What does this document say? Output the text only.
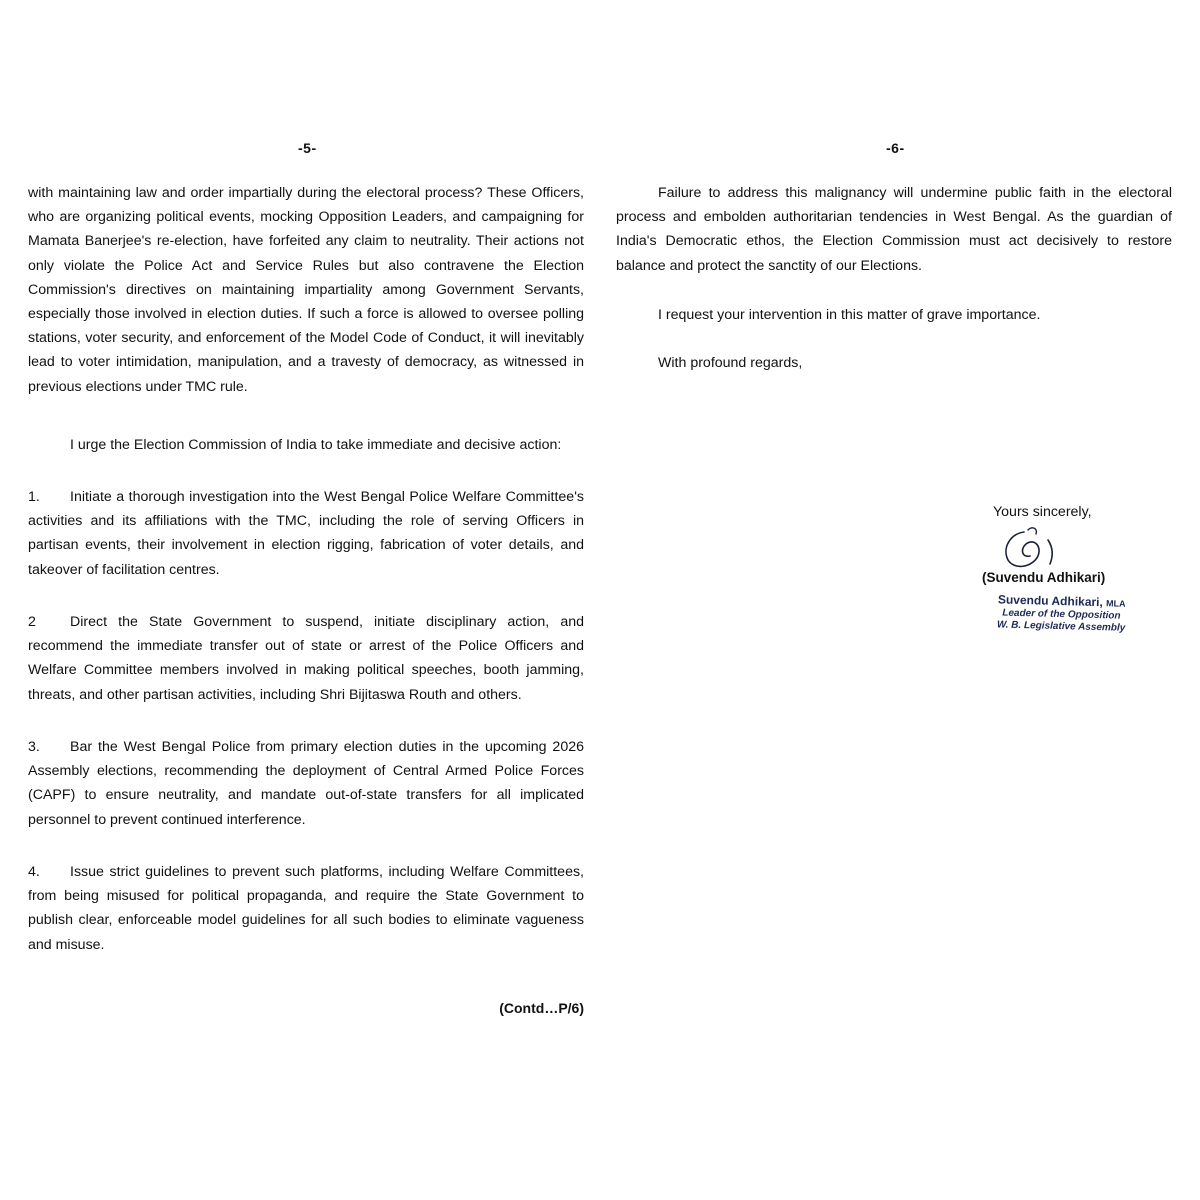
-5-

with maintaining law and order impartially during the electoral process? These Officers, who are organizing political events, mocking Opposition Leaders, and campaigning for Mamata Banerjee's re-election, have forfeited any claim to neutrality. Their actions not only violate the Police Act and Service Rules but also contravene the Election Commission's directives on maintaining impartiality among Government Servants, especially those involved in election duties. If such a force is allowed to oversee polling stations, voter security, and enforcement of the Model Code of Conduct, it will inevitably lead to voter intimidation, manipulation, and a travesty of democracy, as witnessed in previous elections under TMC rule.

I urge the Election Commission of India to take immediate and decisive action:

1. Initiate a thorough investigation into the West Bengal Police Welfare Committee's activities and its affiliations with the TMC, including the role of serving Officers in partisan events, their involvement in election rigging, fabrication of voter details, and takeover of facilitation centres.

2 Direct the State Government to suspend, initiate disciplinary action, and recommend the immediate transfer out of state or arrest of the Police Officers and Welfare Committee members involved in making political speeches, booth jamming, threats, and other partisan activities, including Shri Bijitaswa Routh and others.

3. Bar the West Bengal Police from primary election duties in the upcoming 2026 Assembly elections, recommending the deployment of Central Armed Police Forces (CAPF) to ensure neutrality, and mandate out-of-state transfers for all implicated personnel to prevent continued interference.

4. Issue strict guidelines to prevent such platforms, including Welfare Committees, from being misused for political propaganda, and require the State Government to publish clear, enforceable model guidelines for all such bodies to eliminate vagueness and misuse.

(Contd…P/6)
-6-

Failure to address this malignancy will undermine public faith in the electoral process and embolden authoritarian tendencies in West Bengal. As the guardian of India's Democratic ethos, the Election Commission must act decisively to restore balance and protect the sanctity of our Elections.

I request your intervention in this matter of grave importance.

With profound regards,

Yours sincerely,
(Suvendu Adhikari)
Suvendu Adhikari, MLA
Leader of the Opposition
W. B. Legislative Assembly
